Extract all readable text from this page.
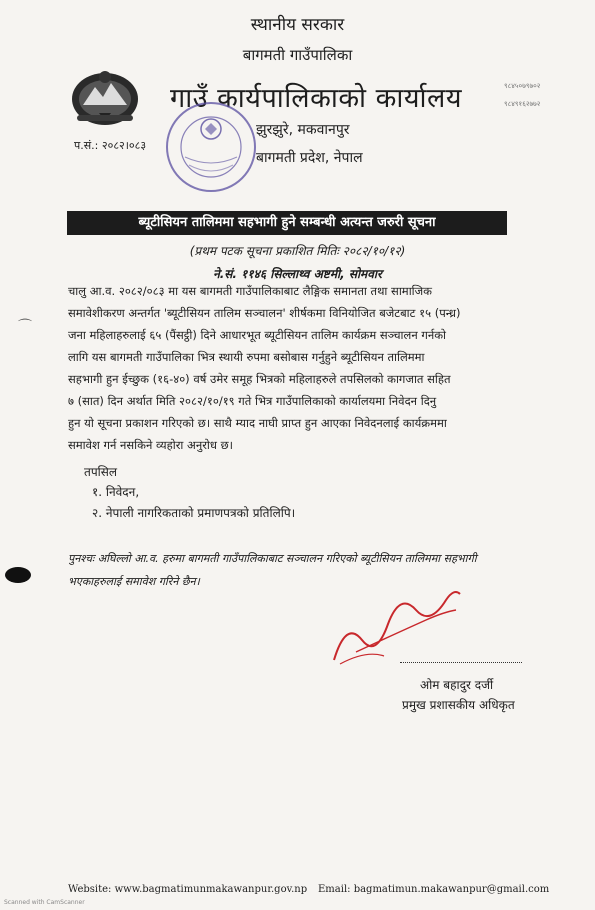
स्थानीय सरकार
बागमती गाउँपालिका
गाउँ कार्यपालिकाको कार्यालय
झुरझुरे, मकवानपुर
बागमती प्रदेश, नेपाल
प.सं.: २०८२।०८३
९८४५०७९७०२
९८४९१६२७७२
ब्यूटीसियन तालिममा सहभागी हुने सम्बन्धी अत्यन्त जरुरी सूचना
(प्रथम पटक सूचना प्रकाशित मितिः २०८२/१०/१२)
ने.सं. ११४६ सिल्लाथ्व अष्टमी, सोमवार
⌒
चालु आ.व. २०८२/०८३ मा यस बागमती गाउँपालिकाबाट लैङ्गिक समानता तथा सामाजिक
समावेशीकरण अन्तर्गत 'ब्यूटीसियन तालिम सञ्चालन' शीर्षकमा विनियोजित बजेटबाट १५ (पन्ध्र)
जना महिलाहरुलाई ६५ (पैंसट्ठी) दिने आधारभूत ब्यूटीसियन तालिम कार्यक्रम सञ्चालन गर्नको
लागि यस बागमती गाउँपालिका भित्र स्थायी रुपमा बसोबास गर्नुहुने ब्यूटीसियन तालिममा
सहभागी हुन ईच्छुक (१६-४०) वर्ष उमेर समूह भित्रको महिलाहरुले तपसिलको कागजात सहित
७ (सात) दिन अर्थात मिति २०८२/१०/१९ गते भित्र गाउँपालिकाको कार्यालयमा निवेदन दिनु
हुन यो सूचना प्रकाशन गरिएको छ। साथै म्याद नाघी प्राप्त हुन आएका निवेदनलाई कार्यक्रममा
समावेश गर्न नसकिने व्यहोरा अनुरोध छ।
तपसिल
१. निवेदन,
२. नेपाली नागरिकताको प्रमाणपत्रको प्रतिलिपि।
पुनश्चः अघिल्लो आ.व. हरुमा बागमती गाउँपालिकाबाट सञ्चालन गरिएको ब्यूटीसियन तालिममा सहभागी
भएकाहरुलाई समावेश गरिने छैन।
ओम बहादुर दर्जी
प्रमुख प्रशासकीय अधिकृत
Website: www.bagmatimunmakawanpur.gov.np Email: bagmatimun.makawanpur@gmail.com
Scanned with CamScanner
